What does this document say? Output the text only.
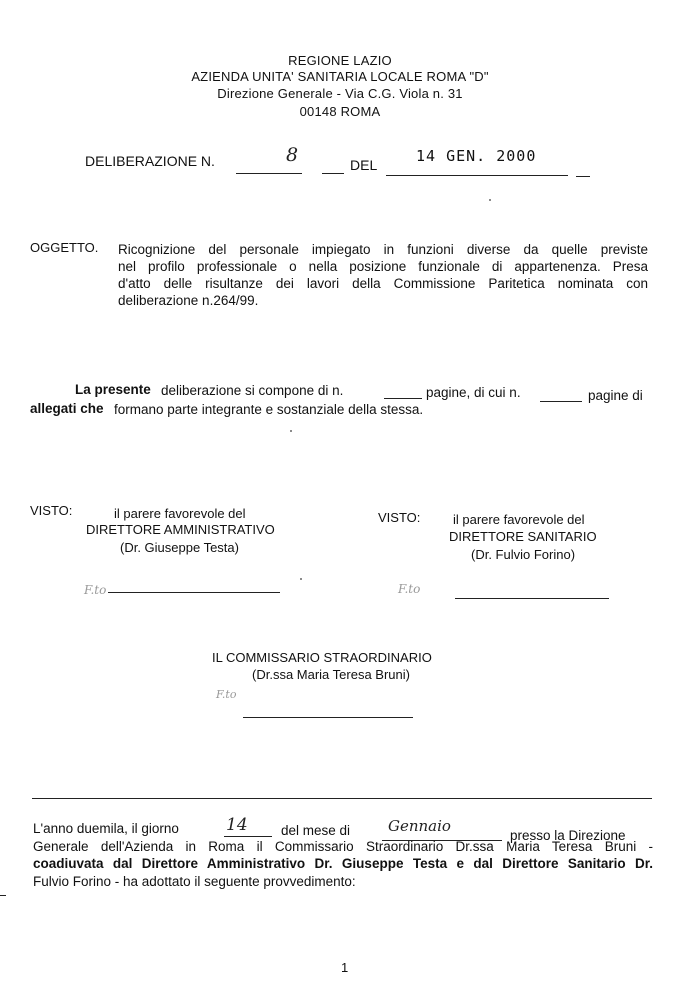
REGIONE LAZIO
AZIENDA UNITA' SANITARIA LOCALE ROMA "D"
Direzione Generale - Via C.G. Viola n. 31
00148 ROMA
DELIBERAZIONE N.	8	DEL	14 GEN. 2000
OGGETTO. Ricognizione del personale impiegato in funzioni diverse da quelle previste
nel profilo professionale o nella posizione funzionale di appartenenza. Presa
d'atto delle risultanze dei lavori della Commissione Paritetica nominata con
deliberazione n.264/99.
La presente deliberazione si compone di n.	pagine, di cui n.	pagine di
allegati che formano parte integrante e sostanziale della stessa.
VISTO:	il parere favorevole del
DIRETTORE AMMINISTRATIVO
(Dr. Giuseppe Testa)
F.to
VISTO:	il parere favorevole del
DIRETTORE SANITARIO
(Dr. Fulvio Forino)
F.to
IL COMMISSARIO STRAORDINARIO
(Dr.ssa Maria Teresa Bruni)
F.to
L'anno duemila, il giorno	14 del mese di	Gennaio
presso la Direzione
Generale dell'Azienda in Roma il Commissario Straordinario Dr.ssa Maria Teresa Bruni -
coadiuvata dal Direttore Amministrativo Dr. Giuseppe Testa e dal Direttore Sanitario Dr.
Fulvio Forino - ha adottato il seguente provvedimento:
1
